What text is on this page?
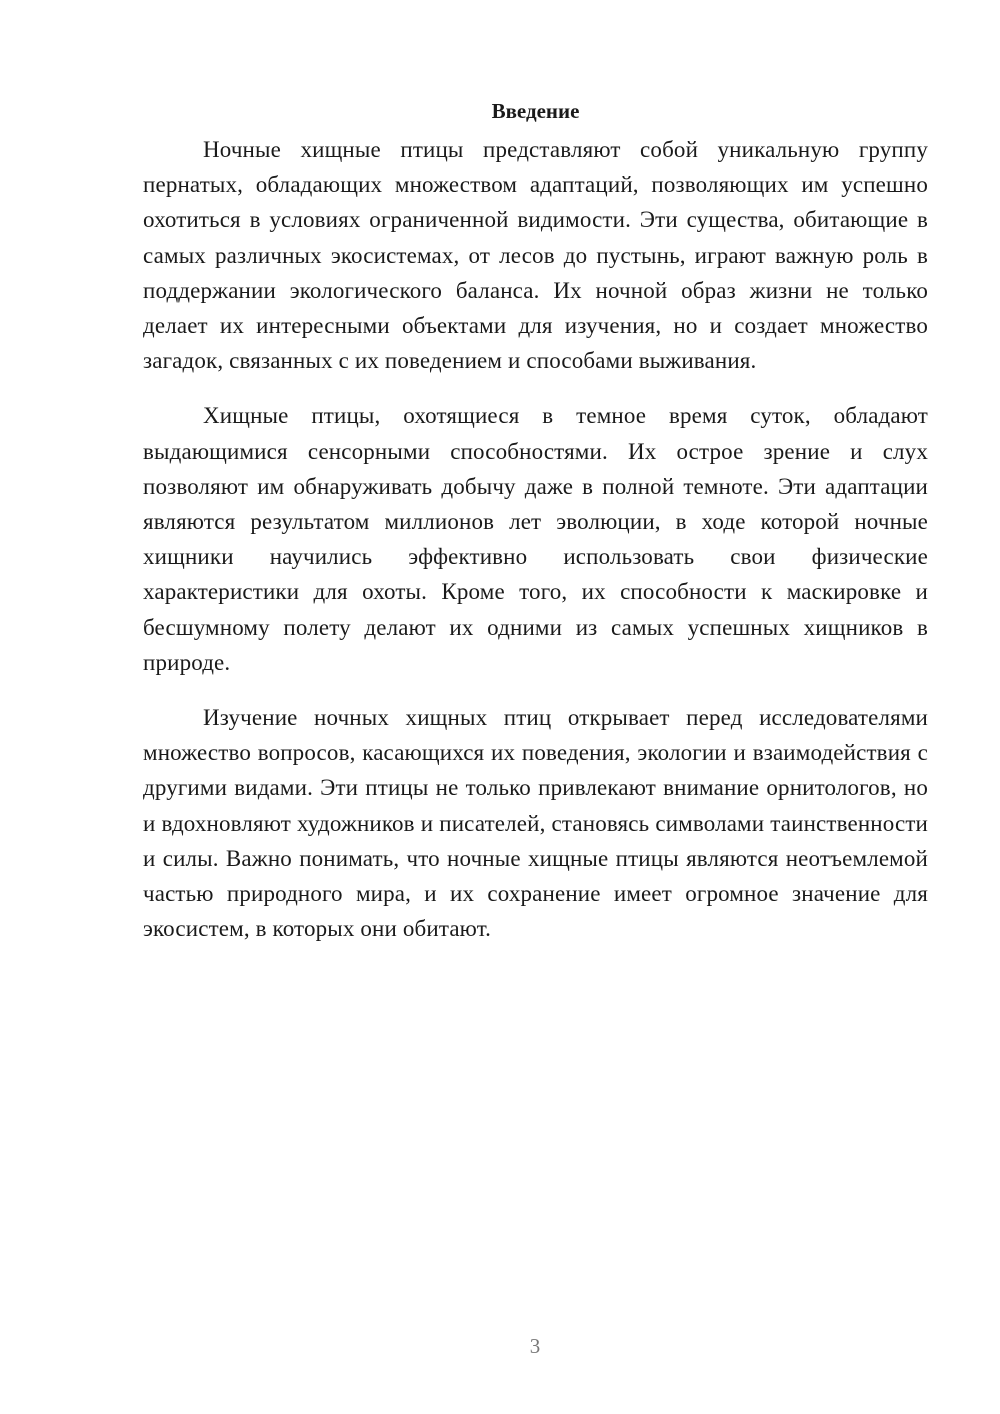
Введение

Ночные хищные птицы представляют собой уникальную группу пернатых, обладающих множеством адаптаций, позволяющих им успешно охотиться в условиях ограниченной видимости. Эти существа, обитающие в самых различных экосистемах, от лесов до пустынь, играют важную роль в поддержании экологического баланса. Их ночной образ жизни не только делает их интересными объектами для изучения, но и создает множество загадок, связанных с их поведением и способами выживания.

Хищные птицы, охотящиеся в темное время суток, обладают выдающимися сенсорными способностями. Их острое зрение и слух позволяют им обнаруживать добычу даже в полной темноте. Эти адаптации являются результатом миллионов лет эволюции, в ходе которой ночные хищники научились эффективно использовать свои физические характеристики для охоты. Кроме того, их способности к маскировке и бесшумному полету делают их одними из самых успешных хищников в природе.

Изучение ночных хищных птиц открывает перед исследователями множество вопросов, касающихся их поведения, экологии и взаимодействия с другими видами. Эти птицы не только привлекают внимание орнитологов, но и вдохновляют художников и писателей, становясь символами таинственности и силы. Важно понимать, что ночные хищные птицы являются неотъемлемой частью природного мира, и их сохранение имеет огромное значение для экосистем, в которых они обитают.

3
